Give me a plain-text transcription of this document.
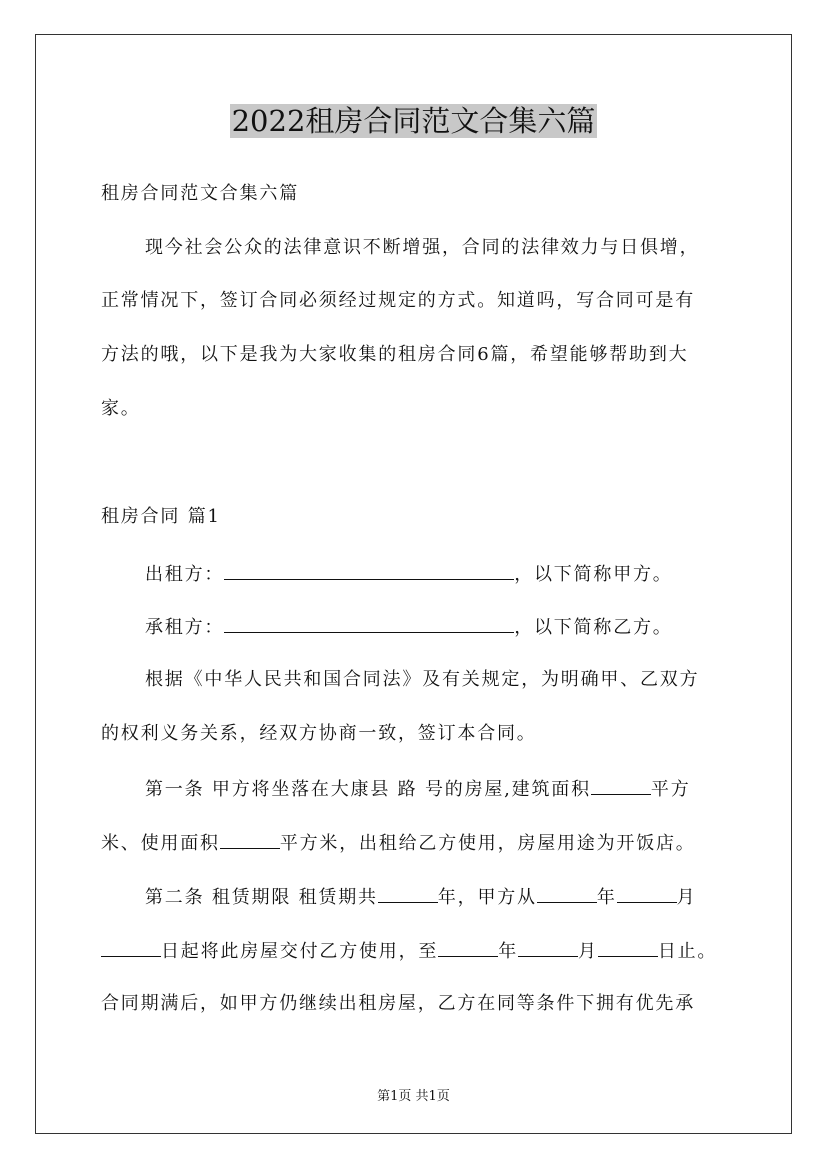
2022租房合同范文合集六篇
租房合同范文合集六篇
现今社会公众的法律意识不断增强，合同的法律效力与日俱增，
正常情况下，签订合同必须经过规定的方式。知道吗，写合同可是有
方法的哦，以下是我为大家收集的租房合同6篇，希望能够帮助到大
家。
租房合同 篇1
出租方：	，以下简称甲方。
承租方：	，以下简称乙方。
根据《中华人民共和国合同法》及有关规定，为明确甲、乙双方
的权利义务关系，经双方协商一致，签订本合同。
第一条 甲方将坐落在大康县 路 号的房屋,建筑面积	平方
米、使用面积	平方米，出租给乙方使用，房屋用途为开饭店。
第二条 租赁期限 租赁期共	年，甲方从	年	月
日起将此房屋交付乙方使用，至	年	月	日止。
合同期满后，如甲方仍继续出租房屋，乙方在同等条件下拥有优先承
第1页 共1页
